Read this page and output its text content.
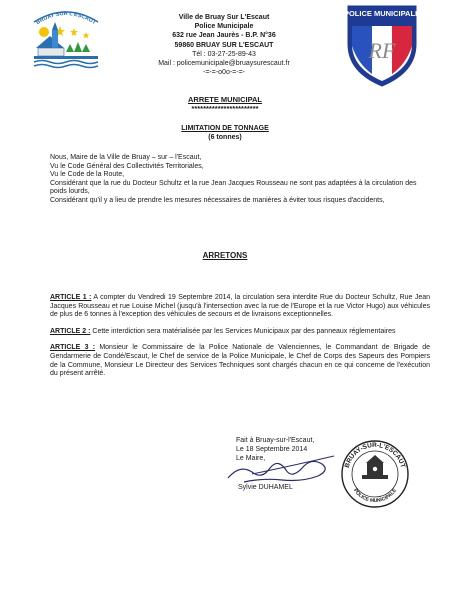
BRUAY SUR L'ESCAUT
Ville de Bruay Sur L'Escaut
Police Municipale
632 rue Jean Jaurès - B.P. N°36
59860 BRUAY SUR L'ESCAUT
Tél : 03-27-25-89-43
Mail : policemunicipale@bruaysurescaut.fr
-=-=-o0o-=-=-
POLICE MUNICIPALE
RF
ARRETE MUNICIPAL
***********************
LIMITATION DE TONNAGE
(6 tonnes)

Nous, Maire de la Ville de Bruay – sur – l'Escaut,

Vu le Code Général des Collectivités Territoriales,

Vu le Code de la Route,

Considérant que la rue du Docteur Schultz et la rue Jean Jacques Rousseau ne sont pas adaptées à la circulation des poids lourds,

Considérant qu'il y a lieu de prendre les mesures nécessaires de manières à éviter tous risques d'accidents,

ARRETONS

ARTICLE 1 : A compter du Vendredi 19 Septembre 2014, la circulation sera interdite Rue du Docteur Schultz, Rue Jean Jacques Rousseau et rue Louise Michel (jusqu'à l'intersection avec la rue de l'Europe et la rue Victor Hugo) aux véhicules de plus de 6 tonnes à l'exception des véhicules de secours et de livraisons exceptionnelles.

ARTICLE 2 : Cette interdiction sera matérialisée par les Services Municipaux par des panneaux réglementaires

ARTICLE 3 : Monsieur le Commissaire de la Police Nationale de Valenciennes, le Commandant de Brigade de Gendarmerie de Condé/Escaut, le Chef de service de la Police Municipale, le Chef de Corps des Sapeurs des Pompiers de la Commune, Monsieur Le Directeur des Services Techniques sont chargés chacun en ce qui concerne de l'exécution du présent arrêté.

Fait à Bruay-sur-l'Escaut,
Le 18 Septembre 2014
Le Maire,
Sylvie DUHAMEL
BRUAY-SUR-L'ESCAUT
POLICE MUNICIPALE
